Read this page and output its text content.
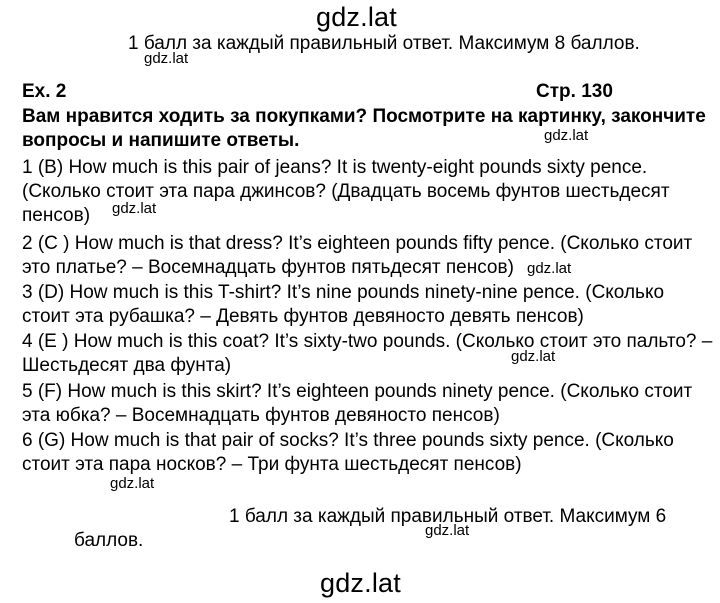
gdz.lat
1 балл за каждый правильный ответ. Максимум 8 баллов.
gdz.lat
Ex. 2	Стр. 130
Вам нравится ходить за покупками? Посмотрите на картинку, закончите
вопросы и напишите ответы.	gdz.lat
1 (B) How much is this pair of jeans? It is twenty-eight pounds sixty pence.
(Сколько стоит эта пара джинсов? (Двадцать восемь фунтов шестьдесят
пенсов) gdz.lat
2 (C ) How much is that dress? It’s eighteen pounds fifty pence. (Сколько стоит
это платье? – Восемнадцать фунтов пятьдесят пенсов) gdz.lat
3 (D) How much is this T-shirt? It’s nine pounds ninety-nine pence. (Сколько
стоит эта рубашка? – Девять фунтов девяносто девять пенсов)
4 (E ) How much is this coat? It’s sixty-two pounds. (Сколько стоит это пальто? –
Шестьдесят два фунта)	gdz.lat
5 (F) How much is this skirt? It’s eighteen pounds ninety pence. (Сколько стоит
эта юбка? – Восемнадцать фунтов девяносто пенсов)
6 (G) How much is that pair of socks? It’s three pounds sixty pence. (Сколько
стоит эта пара носков? – Три фунта шестьдесят пенсов)
gdz.lat
1 балл за каждый правильный ответ. Максимум 6
баллов.	gdz.lat
gdz.lat
